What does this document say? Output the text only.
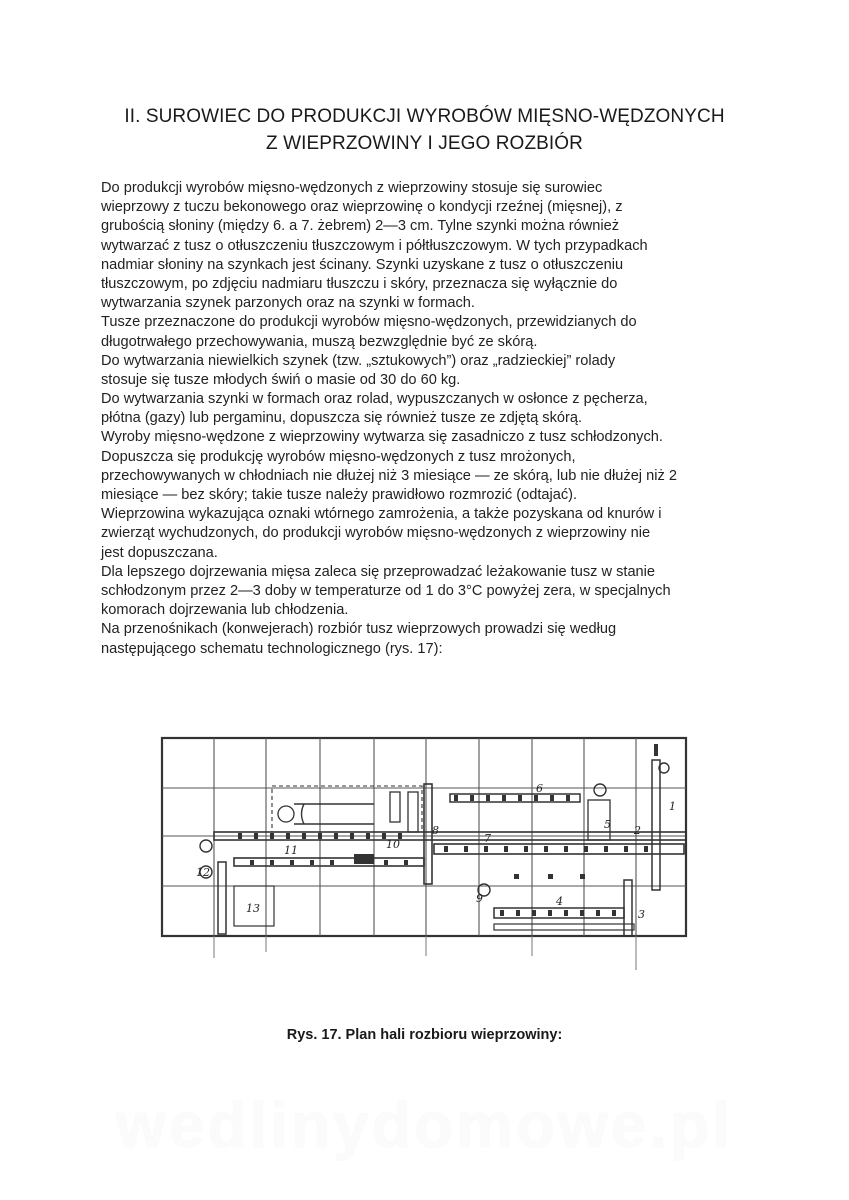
II. SUROWIEC DO PRODUKCJI WYROBÓW MIĘSNO-WĘDZONYCH
Z WIEPRZOWINY I JEGO ROZBIÓR
Do produkcji wyrobów mięsno-wędzonych z wieprzowiny stosuje się surowiec
wieprzowy z tuczu bekonowego oraz wieprzowinę o kondycji rzeźnej (mięsnej), z
grubością słoniny (między 6. a 7. żebrem) 2—3 cm. Tylne szynki można również
wytwarzać z tusz o otłuszczeniu tłuszczowym i półtłuszczowym. W tych przypadkach
nadmiar słoniny na szynkach jest ścinany. Szynki uzyskane z tusz o otłuszczeniu
tłuszczowym, po zdjęciu nadmiaru tłuszczu i skóry, przeznacza się wyłącznie do
wytwarzania szynek parzonych oraz na szynki w formach.
Tusze przeznaczone do produkcji wyrobów mięsno-wędzonych, przewidzianych do
długotrwałego przechowywania, muszą bezwzględnie być ze skórą.
Do wytwarzania niewielkich szynek (tzw. „sztukowych”) oraz „radzieckiej” rolady
stosuje się tusze młodych świń o masie od 30 do 60 kg.
Do wytwarzania szynki w formach oraz rolad, wypuszczanych w osłonce z pęcherza,
płótna (gazy) lub pergaminu, dopuszcza się również tusze ze zdjętą skórą.
Wyroby mięsno-wędzone z wieprzowiny wytwarza się zasadniczo z tusz schłodzonych.
Dopuszcza się produkcję wyrobów mięsno-wędzonych z tusz mrożonych,
przechowywanych w chłodniach nie dłużej niż 3 miesiące — ze skórą, lub nie dłużej niż 2
miesiące — bez skóry; takie tusze należy prawidłowo rozmrozić (odtajać).
Wieprzowina wykazująca oznaki wtórnego zamrożenia, a także pozyskana od knurów i
zwierząt wychudzonych, do produkcji wyrobów mięsno-wędzonych z wieprzowiny nie
jest dopuszczana.
Dla lepszego dojrzewania mięsa zaleca się przeprowadzać leżakowanie tusz w stanie
schłodzonym przez 2—3 doby w temperaturze od 1 do 3°C powyżej zera, w specjalnych
komorach dojrzewania lub chłodzenia.
Na przenośnikach (konwejerach) rozbiór tusz wieprzowych prowadzi się według
następującego schematu technologicznego (rys. 17):
1
2
3
4
5
6
7
8
9
10
11
12
13
Rys. 17. Plan hali rozbioru wieprzowiny:
wedlinydomowe.pl
